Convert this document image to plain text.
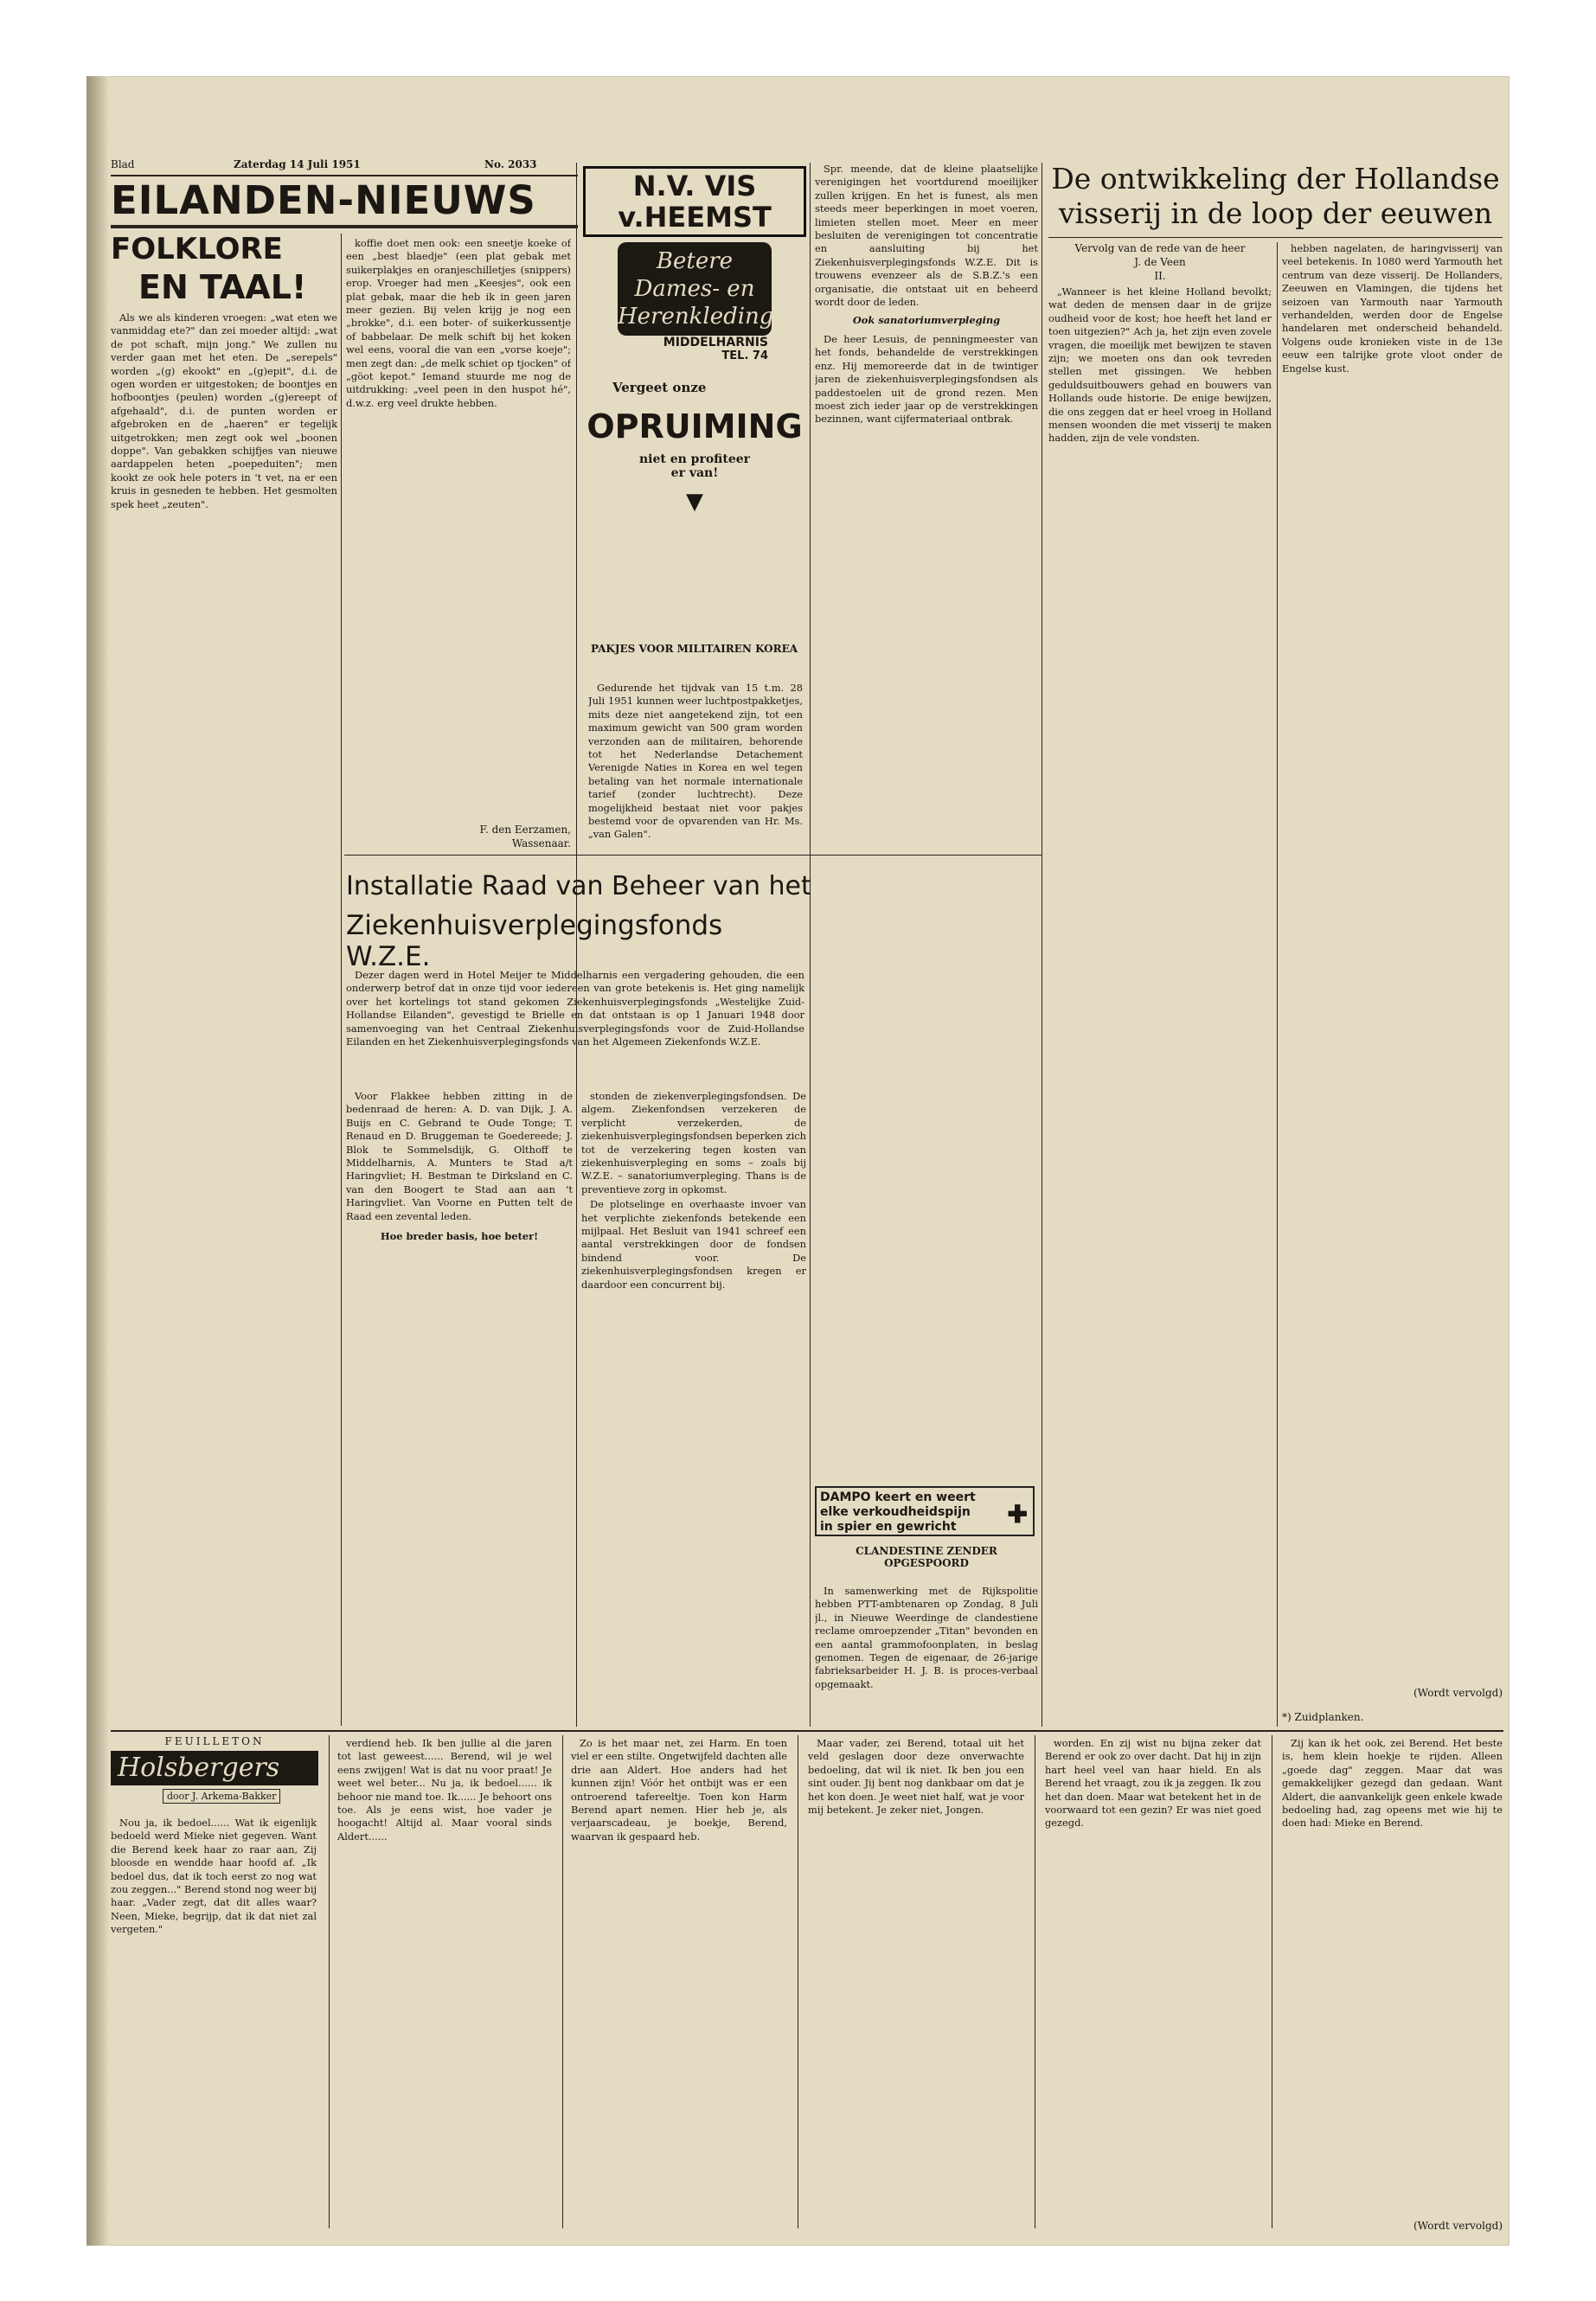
Blad	Zaterdag 14 Juli 1951	No. 2033
EILANDEN-NIEUWS
FOLKLORE
EN TAAL!

Als we als kinderen vroegen: „wat eten we vanmiddag ete?" dan zei moeder altijd: „wat de pot schaft, mijn jong." We zullen nu verder gaan met het eten. De „serepels" worden „(g) ekookt" en „(g)epit", d.i. de ogen worden er uitgestoken; de boontjes en hofboontjes (peulen) worden „(g)ereept of afgehaald", d.i. de punten worden er afgebroken en de „haeren" er tegelijk uitgetrokken; men zegt ook wel „boonen doppe". Van gebakken schijfjes van nieuwe aardappelen heten „poepeduiten"; men kookt ze ook hele poters in 't vet, na er een kruis in gesneden te hebben. Het gesmolten spek heet „zeuten".

koffie doet men ook: een sneetje koeke of een „best blaedje" (een plat gebak met suikerplakjes en oranjeschilletjes (snippers) erop. Vroeger had men „Keesjes", ook een plat gebak, maar die heb ik in geen jaren meer gezien. Bij velen krijg je nog een „brokke", d.i. een boter- of suikerkussentje of babbelaar. De melk schift bij het koken wel eens, vooral die van een „vorse koeje"; men zegt dan: „de melk schiet op tjocken" of „göot kepot." Iemand stuurde me nog de uitdrukking: „veel peen in den huspot hé", d.w.z. erg veel drukte hebben.

F. den Eerzamen,
Wassenaar.
N.V. VIS v.HEEMST
Betere
Dames- en
Herenkleding
MIDDELHARNIS
TEL. 74
Vergeet onze
OPRUIMING
niet en profiteer
er van!
▼
PAKJES VOOR MILITAIREN KOREA

Gedurende het tijdvak van 15 t.m. 28 Juli 1951 kunnen weer luchtpostpakketjes, mits deze niet aangetekend zijn, tot een maximum gewicht van 500 gram worden verzonden aan de militairen, behorende tot het Nederlandse Detachement Verenigde Naties in Korea en wel tegen betaling van het normale internationale tarief (zonder luchtrecht). Deze mogelijkheid bestaat niet voor pakjes bestemd voor de opvarenden van Hr. Ms. „van Galen".

Installatie Raad van Beheer van het
Ziekenhuisverplegingsfonds W.Z.E.

Dezer dagen werd in Hotel Meijer te Middelharnis een vergadering gehouden, die een onderwerp betrof dat in onze tijd voor iedereen van grote betekenis is. Het ging namelijk over het kortelings tot stand gekomen Ziekenhuisverplegingsfonds „Westelijke Zuid-Hollandse Eilanden", gevestigd te Brielle en dat ontstaan is op 1 Januari 1948 door samenvoeging van het Centraal Ziekenhuisverplegingsfonds voor de Zuid-Hollandse Eilanden en het Ziekenhuisverplegingsfonds van het Algemeen Ziekenfonds W.Z.E.

Voor Flakkee hebben zitting in de bedenraad de heren: A. D. van Dijk, J. A. Buijs en C. Gebrand te Oude Tonge; T. Renaud en D. Bruggeman te Goedereede; J. Blok te Sommelsdijk, G. Olthoff te Middelharnis, A. Munters te Stad a/t Haringvliet; H. Bestman te Dirksland en C. van den Boogert te Stad aan aan 't Haringvliet. Van Voorne en Putten telt de Raad een zevental leden.

Hoe breder basis, hoe beter!

stonden de ziekenverplegingsfondsen. De algem. Ziekenfondsen verzekeren de verplicht verzekerden, de ziekenhuisverplegingsfondsen beperken zich tot de verzekering tegen kosten van ziekenhuisverpleging en soms – zoals bij W.Z.E. – sanatoriumverpleging. Thans is de preventieve zorg in opkomst.

De plotselinge en overhaaste invoer van het verplichte ziekenfonds betekende een mijlpaal. Het Besluit van 1941 schreef een aantal verstrekkingen door de fondsen bindend voor. De ziekenhuisverplegingsfondsen kregen er daardoor een concurrent bij.

Spr. meende, dat de kleine plaatselijke verenigingen het voortdurend moeilijker zullen krijgen. En het is funest, als men steeds meer beperkingen in moet voeren, limieten stellen moet. Meer en meer besluiten de verenigingen tot concentratie en aansluiting bij het Ziekenhuisverplegingsfonds W.Z.E. Dit is trouwens evenzeer als de S.B.Z.'s een organisatie, die ontstaat uit en beheerd wordt door de leden.

Ook sanatoriumverpleging

De heer Lesuis, de penningmeester van het fonds, behandelde de verstrekkingen enz. Hij memoreerde dat in de twintiger jaren de ziekenhuisverplegingsfondsen als paddestoelen uit de grond rezen. Men moest zich ieder jaar op de verstrekkingen bezinnen, want cijfermateriaal ontbrak.

DAMPO keert en weert
elke verkoudheidspijn
in spier en gewricht	✚
CLANDESTINE ZENDER OPGESPOORD

In samenwerking met de Rijkspolitie hebben PTT-ambtenaren op Zondag, 8 Juli jl., in Nieuwe Weerdinge de clandestiene reclame omroepzender „Titan" bevonden en een aantal grammofoonplaten, in beslag genomen. Tegen de eigenaar, de 26-jarige fabrieksarbeider H. J. B. is proces-verbaal opgemaakt.

De ontwikkeling der Hollandse
visserij in de loop der eeuwen
Vervolg van de rede van de heer
J. de Veen
II.

„Wanneer is het kleine Holland bevolkt; wat deden de mensen daar in de grijze oudheid voor de kost; hoe heeft het land er toen uitgezien?" Ach ja, het zijn even zovele vragen, die moeilijk met bewijzen te staven zijn; we moeten ons dan ook tevreden stellen met gissingen. We hebben geduldsuitbouwers gehad en bouwers van Hollands oude historie. De enige bewijzen, die ons zeggen dat er heel vroeg in Holland mensen woonden die met visserij te maken hadden, zijn de vele vondsten.

hebben nagelaten, de haringvisserij van veel betekenis. In 1080 werd Yarmouth het centrum van deze visserij. De Hollanders, Zeeuwen en Vlamingen, die tijdens het seizoen van Yarmouth naar Yarmouth verhandelden, werden door de Engelse handelaren met onderscheid behandeld. Volgens oude kronieken viste in de 13e eeuw een talrijke grote vloot onder de Engelse kust.

(Wordt vervolgd)
*) Zuidplanken.
FEUILLETON
Holsbergers
door J. Arkema-Bakker

Nou ja, ik bedoel...... Wat ik eigenlijk bedoeld werd Mieke niet gegeven. Want die Berend keek haar zo raar aan, Zij bloosde en wendde haar hoofd af. „Ik bedoel dus, dat ik toch eerst zo nog wat zou zeggen..." Berend stond nog weer bij haar. „Vader zegt, dat dit alles waar? Neen, Mieke, begrijp, dat ik dat niet zal vergeten."

verdiend heb. Ik ben jullie al die jaren tot last geweest...... Berend, wil je wel eens zwijgen! Wat is dat nu voor praat! Je weet wel beter... Nu ja, ik bedoel...... ik behoor nie mand toe. Ik...... Je behoort ons toe. Als je eens wist, hoe vader je hoogacht! Altijd al. Maar vooral sinds Aldert......

Zo is het maar net, zei Harm. En toen viel er een stilte. Ongetwijfeld dachten alle drie aan Aldert. Hoe anders had het kunnen zijn! Vóór het ontbijt was er een ontroerend tafereeltje. Toen kon Harm Berend apart nemen. Hier heb je, als verjaarscadeau, je boekje, Berend, waarvan ik gespaard heb.

Maar vader, zei Berend, totaal uit het veld geslagen door deze onverwachte bedoeling, dat wil ik niet. Ik ben jou een sint ouder. Jij bent nog dankbaar om dat je het kon doen. Je weet niet half, wat je voor mij betekent. Je zeker niet, Jongen.

worden. En zij wist nu bijna zeker dat Berend er ook zo over dacht. Dat hij in zijn hart heel veel van haar hield. En als Berend het vraagt, zou ik ja zeggen. Ik zou het dan doen. Maar wat betekent het in de voorwaard tot een gezin? Er was niet goed gezegd.

Zij kan ik het ook, zei Berend. Het beste is, hem klein hoekje te rijden. Alleen „goede dag" zeggen. Maar dat was gemakkelijker gezegd dan gedaan. Want Aldert, die aanvankelijk geen enkele kwade bedoeling had, zag opeens met wie hij te doen had: Mieke en Berend.

(Wordt vervolgd)
